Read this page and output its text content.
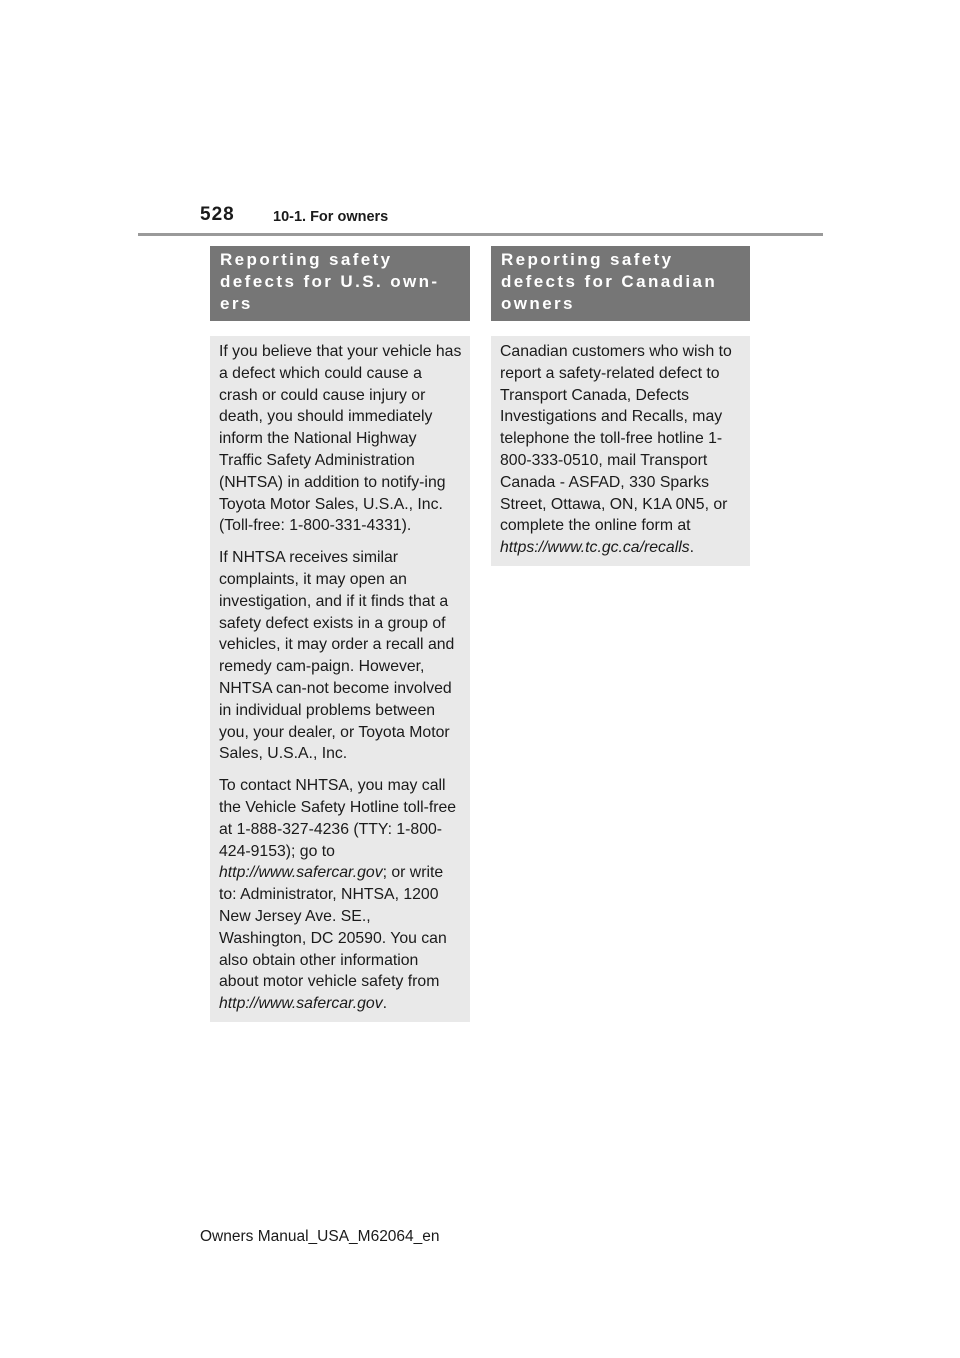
528	10-1. For owners
Reporting safety defects for U.S. own-ers

If you believe that your vehicle has a defect which could cause a crash or could cause injury or death, you should immediately inform the National Highway Traffic Safety Administration (NHTSA) in addition to notify-ing Toyota Motor Sales, U.S.A., Inc. (Toll-free: 1-800-331-4331).

If NHTSA receives similar complaints, it may open an investigation, and if it finds that a safety defect exists in a group of vehicles, it may order a recall and remedy cam-paign. However, NHTSA can-not become involved in individual problems between you, your dealer, or Toyota Motor Sales, U.S.A., Inc.

To contact NHTSA, you may call the Vehicle Safety Hotline toll-free at 1-888-327-4236 (TTY: 1-800-424-9153); go to
http://www.safercar.gov; or write to: Administrator, NHTSA, 1200 New Jersey Ave. SE., Washington, DC 20590. You can also obtain other information about motor vehicle safety from
http://www.safercar.gov.

Reporting safety defects for Canadian owners

Canadian customers who wish to report a safety-related defect to Transport Canada, Defects Investigations and Recalls, may telephone the toll-free hotline 1-800-333-0510, mail Transport Canada - ASFAD, 330 Sparks Street, Ottawa, ON, K1A 0N5, or complete the online form at
https://www.tc.gc.ca/recalls.

Owners Manual_USA_M62064_en
